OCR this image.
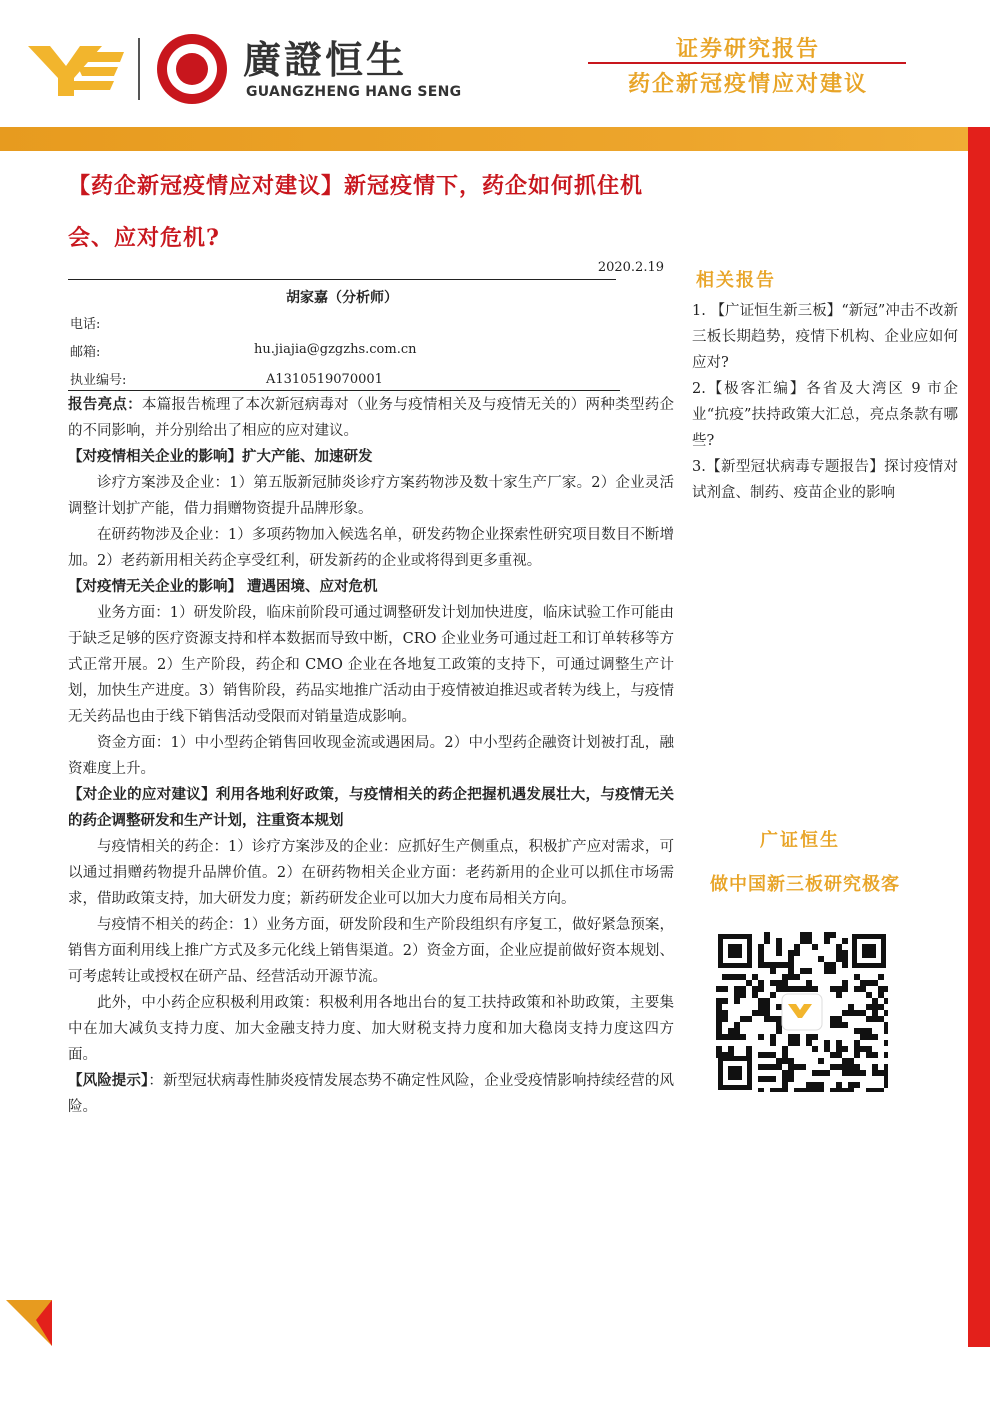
廣證恒生
GUANGZHENG HANG SENG
证券研究报告
药企新冠疫情应对建议
【药企新冠疫情应对建议】新冠疫情下，药企如何抓住机会、应对危机?
2020.2.19
胡家嘉（分析师）
电话:
邮箱:	hu.jiajia@gzgzhs.com.cn
执业编号:	A1310519070001

报告亮点：本篇报告梳理了本次新冠病毒对（业务与疫情相关及与疫情无关的）两种类型药企的不同影响，并分别给出了相应的应对建议。

【对疫情相关企业的影响】扩大产能、加速研发

诊疗方案涉及企业：1）第五版新冠肺炎诊疗方案药物涉及数十家生产厂家。2）企业灵活调整计划扩产能，借力捐赠物资提升品牌形象。

在研药物涉及企业：1）多项药物加入候选名单，研发药物企业探索性研究项目数目不断增加。2）老药新用相关药企享受红利，研发新药的企业或将得到更多重视。

【对疫情无关企业的影响】 遭遇困境、应对危机

业务方面：1）研发阶段，临床前阶段可通过调整研发计划加快进度，临床试验工作可能由于缺乏足够的医疗资源支持和样本数据而导致中断，CRO 企业业务可通过赶工和订单转移等方式正常开展。2）生产阶段，药企和 CMO 企业在各地复工政策的支持下，可通过调整生产计划，加快生产进度。3）销售阶段，药品实地推广活动由于疫情被迫推迟或者转为线上，与疫情无关药品也由于线下销售活动受限而对销量造成影响。

资金方面：1）中小型药企销售回收现金流或遇困局。2）中小型药企融资计划被打乱，融资难度上升。

【对企业的应对建议】利用各地利好政策，与疫情相关的药企把握机遇发展壮大，与疫情无关的药企调整研发和生产计划，注重资本规划

与疫情相关的药企：1）诊疗方案涉及的企业：应抓好生产侧重点，积极扩产应对需求，可以通过捐赠药物提升品牌价值。2）在研药物相关企业方面：老药新用的企业可以抓住市场需求，借助政策支持，加大研发力度；新药研发企业可以加大力度布局相关方向。

与疫情不相关的药企：1）业务方面，研发阶段和生产阶段组织有序复工，做好紧急预案，销售方面利用线上推广方式及多元化线上销售渠道。2）资金方面，企业应提前做好资本规划、可考虑转让或授权在研产品、经营活动开源节流。

此外，中小药企应积极利用政策：积极利用各地出台的复工扶持政策和补助政策，主要集中在加大减负支持力度、加大金融支持力度、加大财税支持力度和加大稳岗支持力度这四方面。

【风险提示】：新型冠状病毒性肺炎疫情发展态势不确定性风险，企业受疫情影响持续经营的风险。

相关报告

1. 【广证恒生新三板】“新冠”冲击不改新三板长期趋势，疫情下机构、企业应如何应对?

2.【极客汇编】各省及大湾区 9 市企业“抗疫”扶持政策大汇总，亮点条款有哪些?

3.【新型冠状病毒专题报告】探讨疫情对试剂盒、制药、疫苗企业的影响

广证恒生
做中国新三板研究极客
